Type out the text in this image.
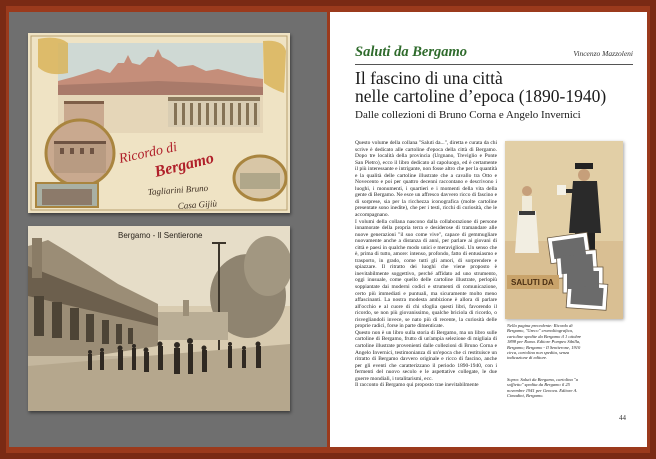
Ricordo di
Bergamo
Tagliarini Bruno
Casa Gijiù
Bergamo - Il Sentierone
Saluti da Bergamo	Vincenzo Mazzoleni
Il fascino di una città
nelle cartoline d’epoca (1890-1940)
Dalle collezioni di Bruno Corna e Angelo Invernici

Questo volume della collana "Saluti da...", diretta e curata da chi scrive è dedicato alle cartoline d'epoca della città di Bergamo. Dopo tre località della provincia (Urgnano, Treviglio e Ponte San Pietro), ecco il libro dedicato al capoluogo, ed è certamente il più interessante e intrigante, non fosse altro che per la quantità e la qualità delle cartoline illustrate che a cavallo tra Otto e Novecento e poi per quattro decenni raccontano e descrivono i luoghi, i monumenti, i quartieri e i momenti della vita della gente di Bergamo. Ne esce un affresco davvero ricco di fascino e di sorprese, sia per la ricchezza iconografica (molte cartoline presentate sono inedite), che per i testi, ricchi di curiosità, che le accompagnano.

I volumi della collana nascono dalla collaborazione di persone innamorate della propria terra e desiderose di tramandare alle nuove generazioni "il suo come vive", capace di gemmugliare nuovamente anche a distanza di anni, per parlare ai giovani di città e paesi in qualche modo unici e meravigliosi. Un senso che è, prima di tutto, amore: intenso, profondo, fatto di entusiasmo e trasporto, in grado, come tutti gli amori, di sorprendere e spiazzare. Il ritratto dei luoghi che viene proposto è inevitabilmente soggettivo, perché affidato ad uno strumento, oggi inusuale, come quello delle cartoline illustrate, perlopiù soppiantate dai moderni codici e strumenti di comunicazione, certo più immediati e puntuali, ma sicuramente molto meno affascinanti. La nostra modesta ambizione è allora di parlare all'occhio e al cuore di chi sfoglia questi libri, favorendo il ricordo, se non più giovanissimo, qualche briciola di ricordo, o risvegliandoli invece, se nato più di recente, la curiosità delle proprie radici, forse in parte dimenticate.

Questo non è un libro sulla storia di Bergamo, ma un libro sulle cartoline di Bergamo, frutto di un'ampia selezione di migliaia di cartoline illustrate provenienti dalle collezioni di Bruno Corna e Angelo Invernici, testimonianza di un'epoca che ci restituisce un ritratto di Bergamo davvero originale e ricco di fascino, anche per gli eventi che caratterizzano il periodo 1890-1940, con i fermenti del nuovo secolo e le aspettative collegate, le due guerre mondiali, i totalitarismi, ecc.

Il racconto di Bergamo qui proposto trae inevitabilmente

SALUTI DA

Nella pagina precedente: Ricordo di Bergamo, "Greco" cromolitografica, cartoline spedite da Bergamo il 1 ottobre 1898 per Roma. Editore Pompeo Sibilla, Bergamo; Bergamo - Il Sentierone, 1910 circa, cartolina non spedita, senza indicazione di editore.

Sopra: Saluti da Bergamo, cartolina "a soffietto" spedita da Bergamo il 25 novembre 1941 per Genova. Editore A. Cimadini, Bergamo.

44
